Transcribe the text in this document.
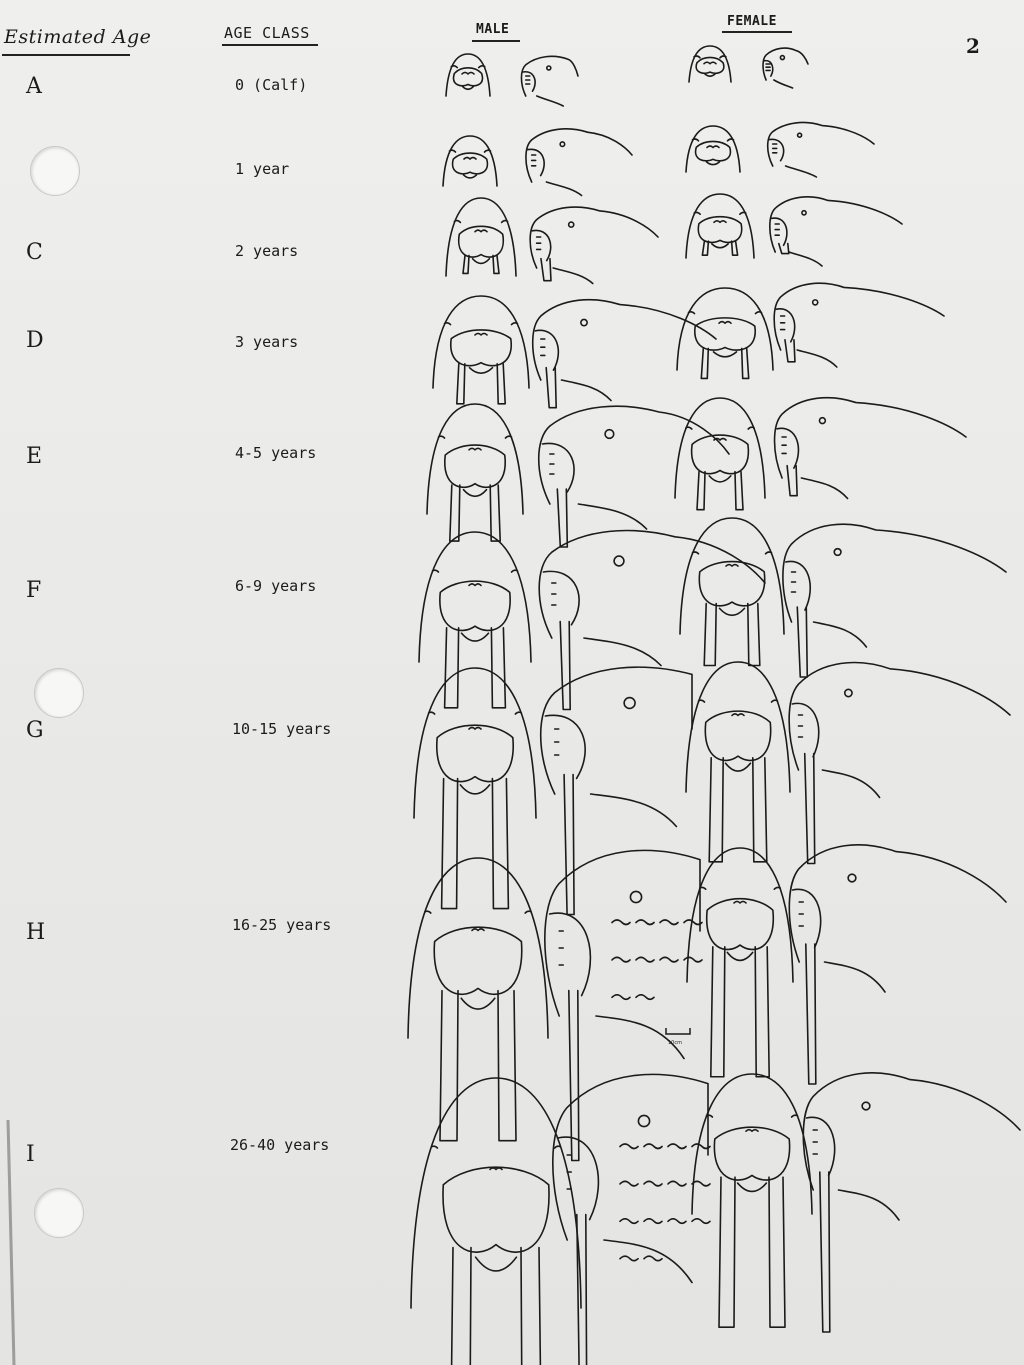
Estimated Age	AGE CLASS	MALE
FEMALE
2
A
C
D
E
F
G
H
I
0 (Calf)
1 year
2 years
3 years
4-5 years
6-9 years
10-15 years
16-25 years
26-40 years
10cm
